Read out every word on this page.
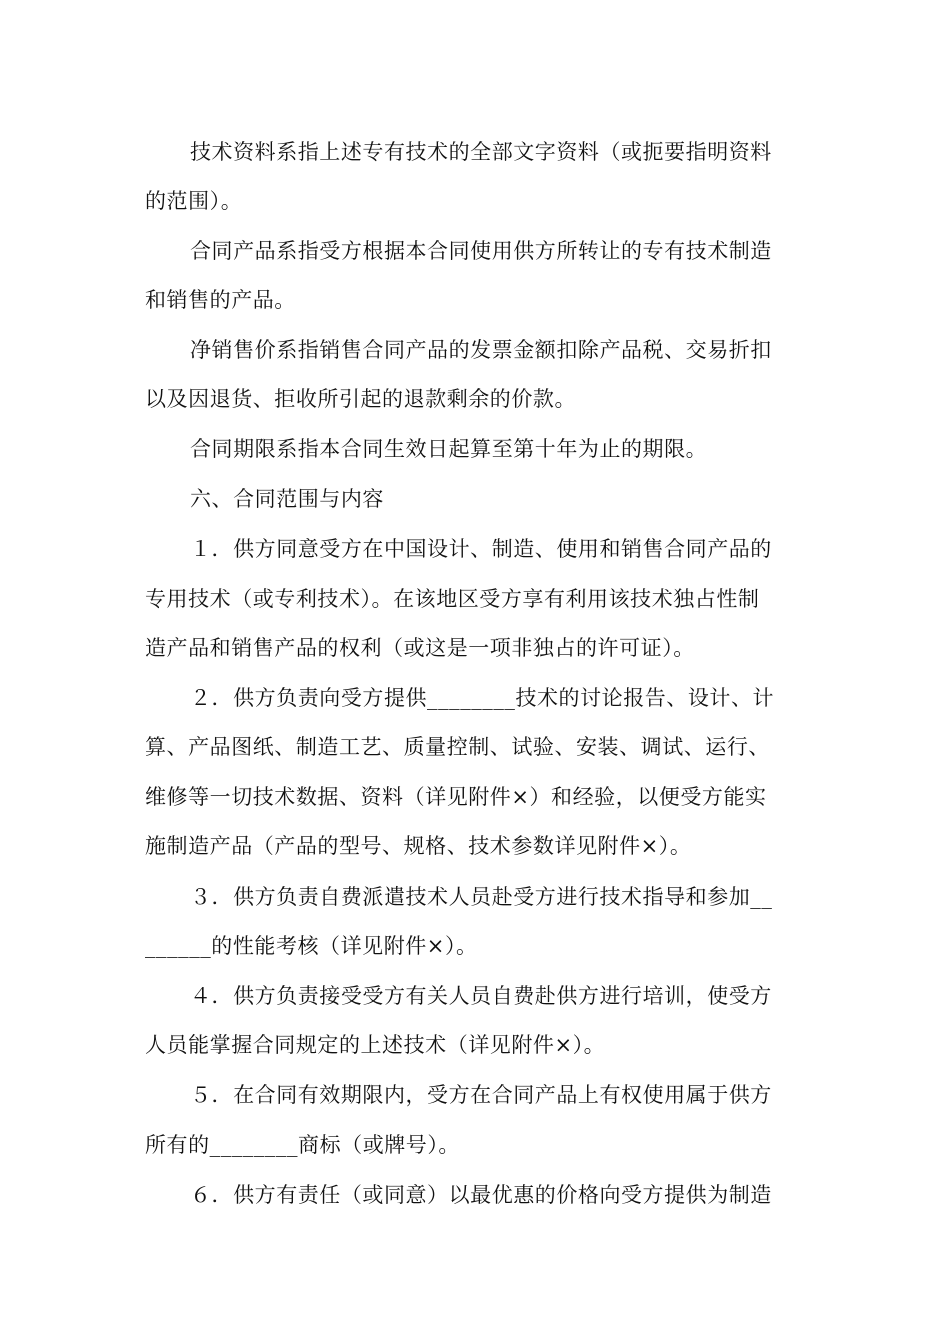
技术资料系指上述专有技术的全部文字资料（或扼要指明资料
的范围）。
合同产品系指受方根据本合同使用供方所转让的专有技术制造
和销售的产品。
净销售价系指销售合同产品的发票金额扣除产品税、交易折扣
以及因退货、拒收所引起的退款剩余的价款。
合同期限系指本合同生效日起算至第十年为止的期限。
六、合同范围与内容
１．供方同意受方在中国设计、制造、使用和销售合同产品的
专用技术（或专利技术）。在该地区受方享有利用该技术独占性制
造产品和销售产品的权利（或这是一项非独占的许可证）。
２．供方负责向受方提供________技术的讨论报告、设计、计
算、产品图纸、制造工艺、质量控制、试验、安装、调试、运行、
维修等一切技术数据、资料（详见附件×）和经验，以便受方能实
施制造产品（产品的型号、规格、技术参数详见附件×）。
３．供方负责自费派遣技术人员赴受方进行技术指导和参加__
______的性能考核（详见附件×）。
４．供方负责接受受方有关人员自费赴供方进行培训，使受方
人员能掌握合同规定的上述技术（详见附件×）。
５．在合同有效期限内，受方在合同产品上有权使用属于供方
所有的________商标（或牌号）。
６．供方有责任（或同意）以最优惠的价格向受方提供为制造
